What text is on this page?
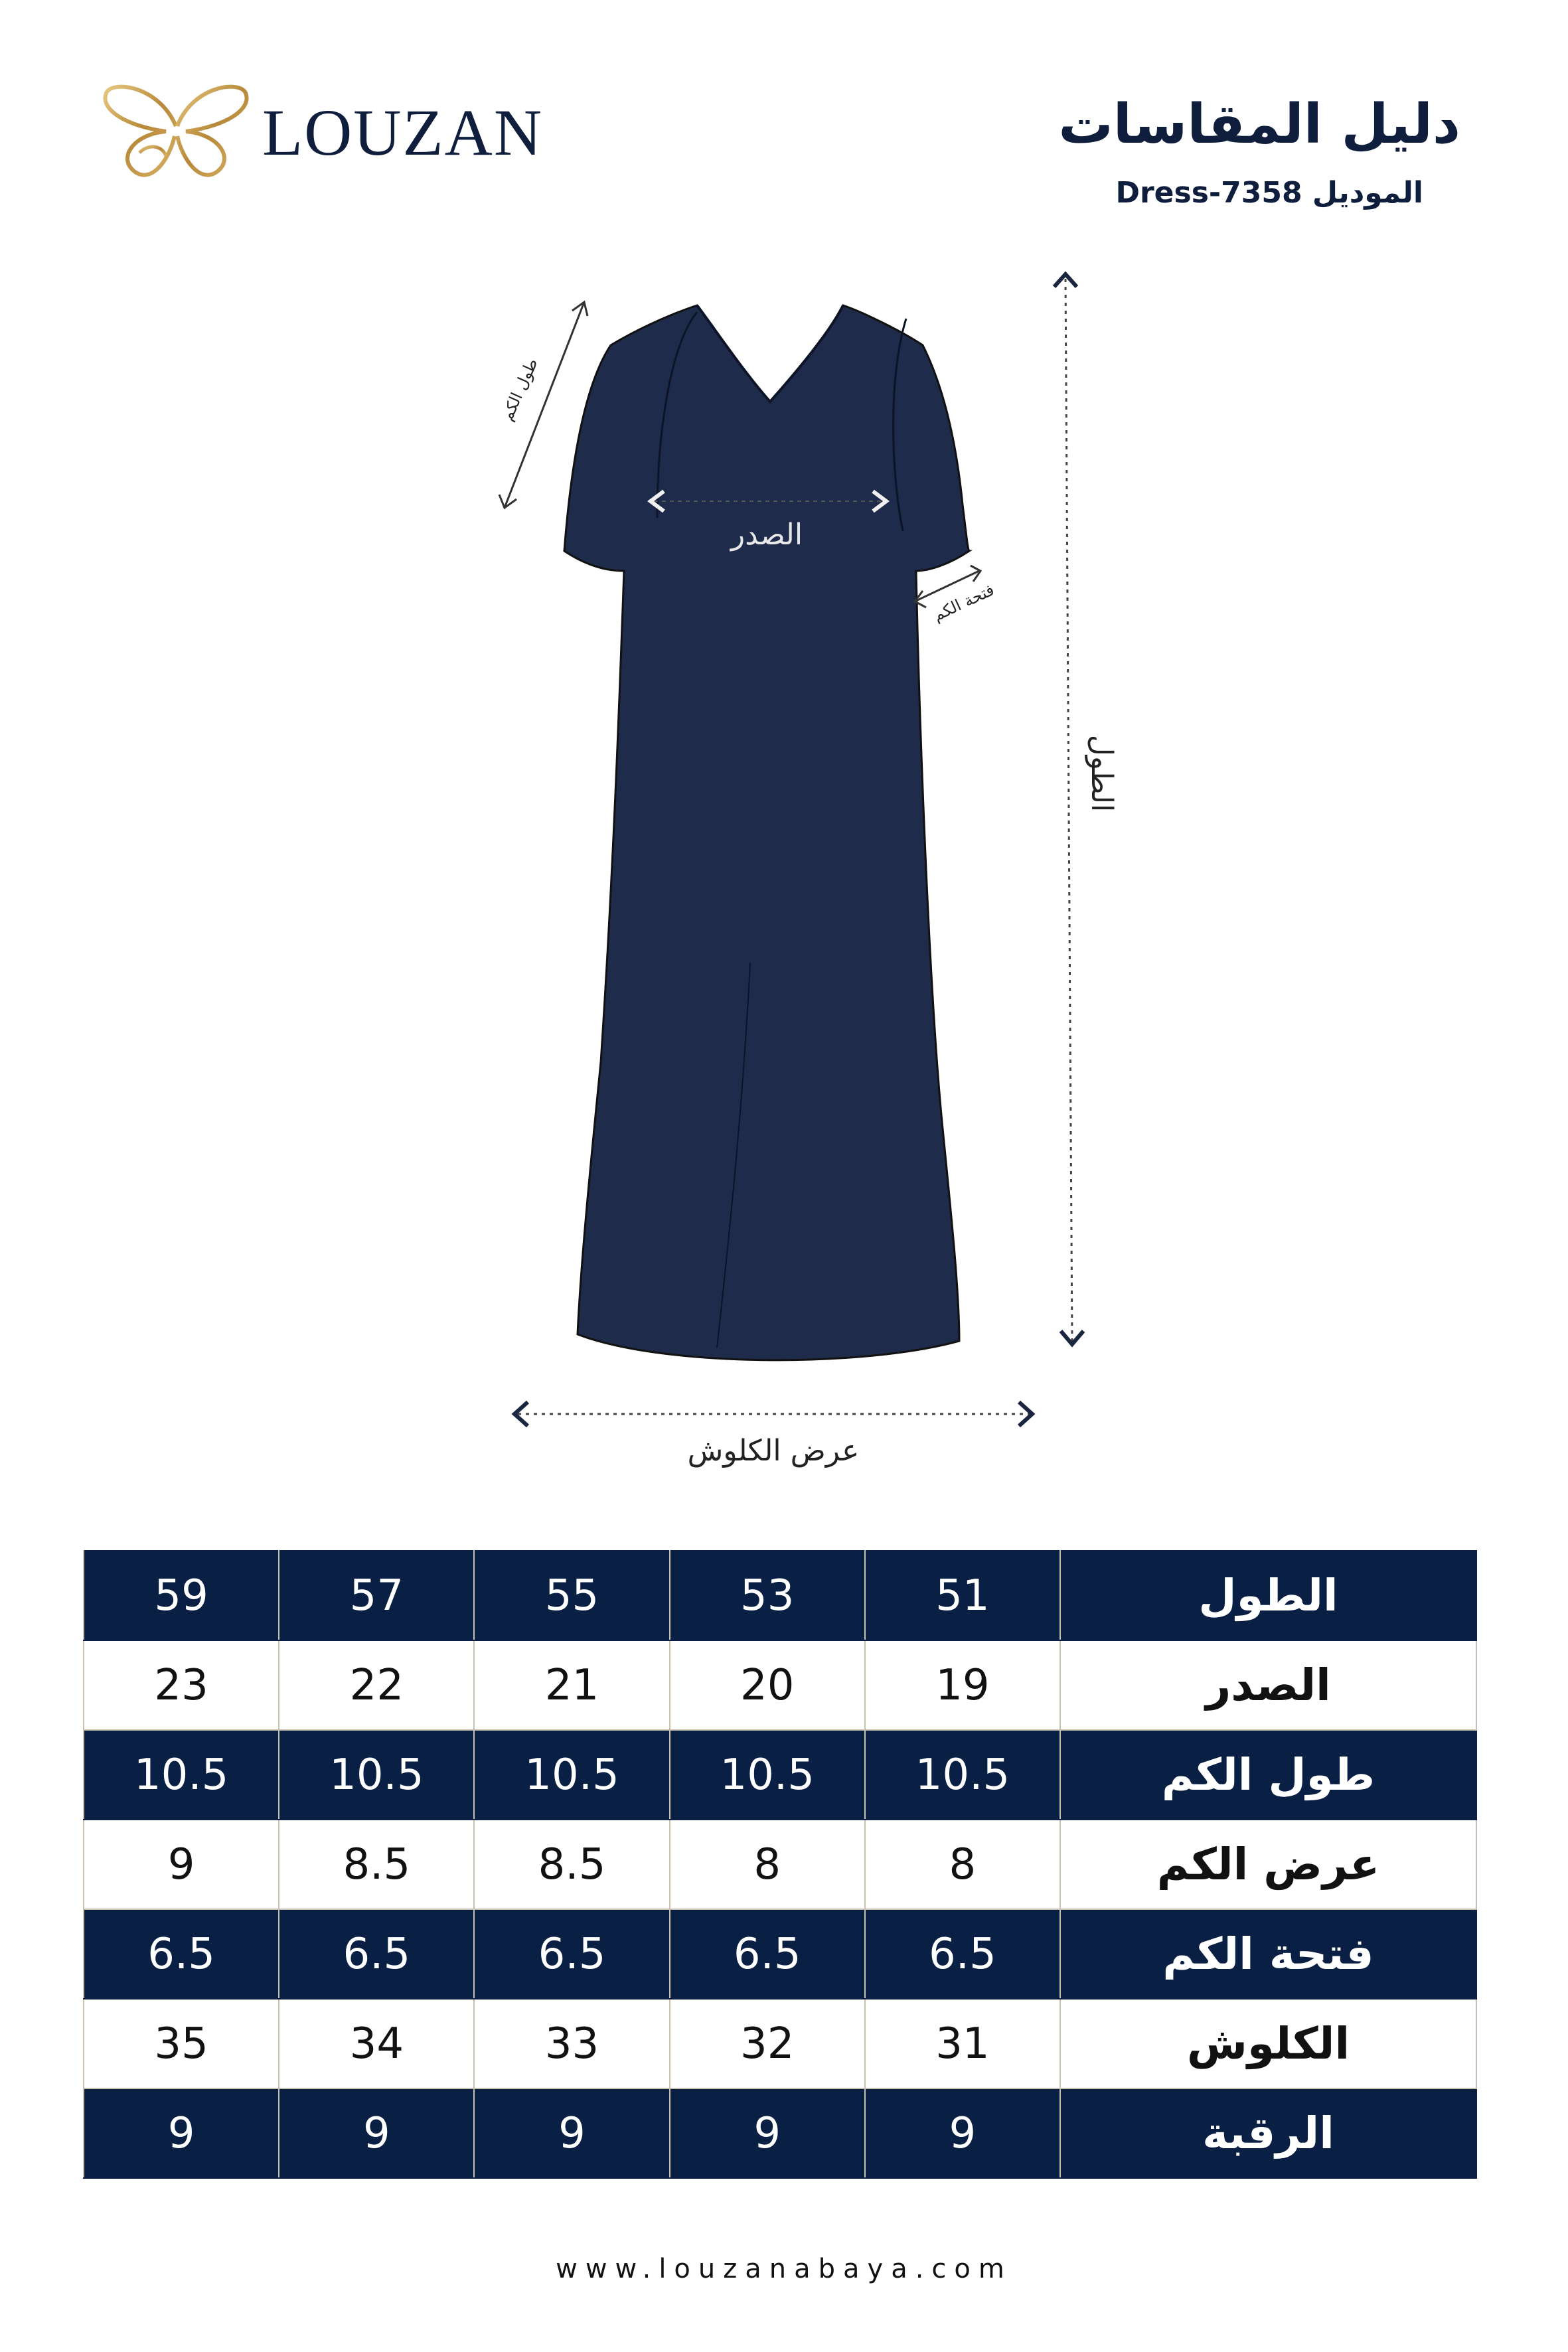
LOUZAN	دليل المقاسات
الموديل Dress-7358
طول الكم
الصدر
فتحة الكم
الطول
عرض الكلوش
الطول	51	53	55	57	59
الصدر	19	20	21	22	23
طول الكم	10.5	10.5	10.5	10.5	10.5
عرض الكم	8	8	8.5	8.5	9
فتحة الكم	6.5	6.5	6.5	6.5	6.5
الكلوش	31	32	33	34	35
الرقبة	9	9	9	9	9
www.louzanabaya.com
